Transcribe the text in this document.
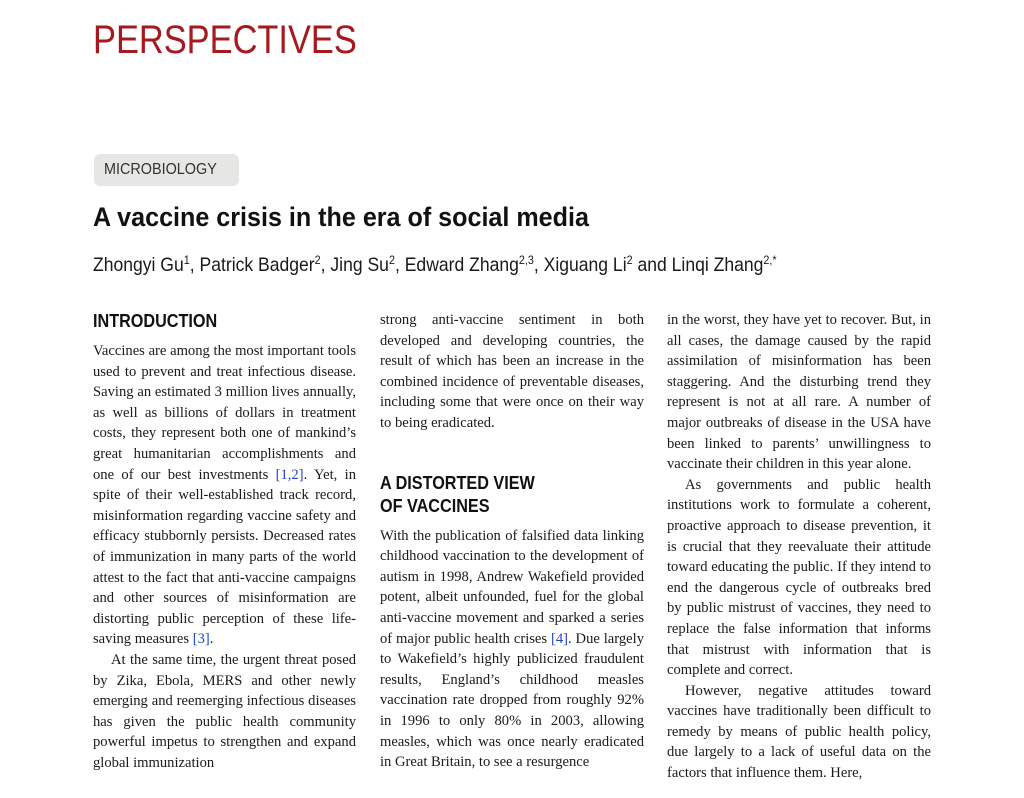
PERSPECTIVES
MICROBIOLOGY
A vaccine crisis in the era of social media
Zhongyi Gu$^1$, Patrick Badger$^2$, Jing Su$^2$, Edward Zhang$^{2,3}$, Xiguang Li$^2$ and Linqi Zhang$^{2,*}$
INTRODUCTION

Vaccines are among the most important tools used to prevent and treat infectious disease. Saving an estimated 3 million lives annually, as well as billions of dollars in treatment costs, they represent both one of mankind’s great humanitarian accomplishments and one of our best investments [1,2]. Yet, in spite of their well-established track record, misinformation regarding vaccine safety and efficacy stubbornly persists. Decreased rates of immunization in many parts of the world attest to the fact that anti-vaccine campaigns and other sources of misinformation are distorting public perception of these life-saving measures [3].

At the same time, the urgent threat posed by Zika, Ebola, MERS and other newly emerging and reemerging infectious diseases has given the public health community powerful impetus to strengthen and expand global immunization

strong anti-vaccine sentiment in both developed and developing countries, the result of which has been an increase in the combined incidence of preventable diseases, including some that were once on their way to being eradicated.

A DISTORTED VIEW
OF VACCINES

With the publication of falsified data linking childhood vaccination to the development of autism in 1998, Andrew Wakefield provided potent, albeit unfounded, fuel for the global anti-vaccine movement and sparked a series of major public health crises [4]. Due largely to Wakefield’s highly publicized fraudulent results, England’s childhood measles vaccination rate dropped from roughly 92% in 1996 to only 80% in 2003, allowing measles, which was once nearly eradicated in Great Britain, to see a resurgence

in the worst, they have yet to recover. But, in all cases, the damage caused by the rapid assimilation of misinformation has been staggering. And the disturbing trend they represent is not at all rare. A number of major outbreaks of disease in the USA have been linked to parents’ unwillingness to vaccinate their children in this year alone.

As governments and public health institutions work to formulate a coherent, proactive approach to disease prevention, it is crucial that they reevaluate their attitude toward educating the public. If they intend to end the dangerous cycle of outbreaks bred by public mistrust of vaccines, they need to replace the false information that informs that mistrust with information that is complete and correct.

However, negative attitudes toward vaccines have traditionally been difficult to remedy by means of public health policy, due largely to a lack of useful data on the factors that influence them. Here,
